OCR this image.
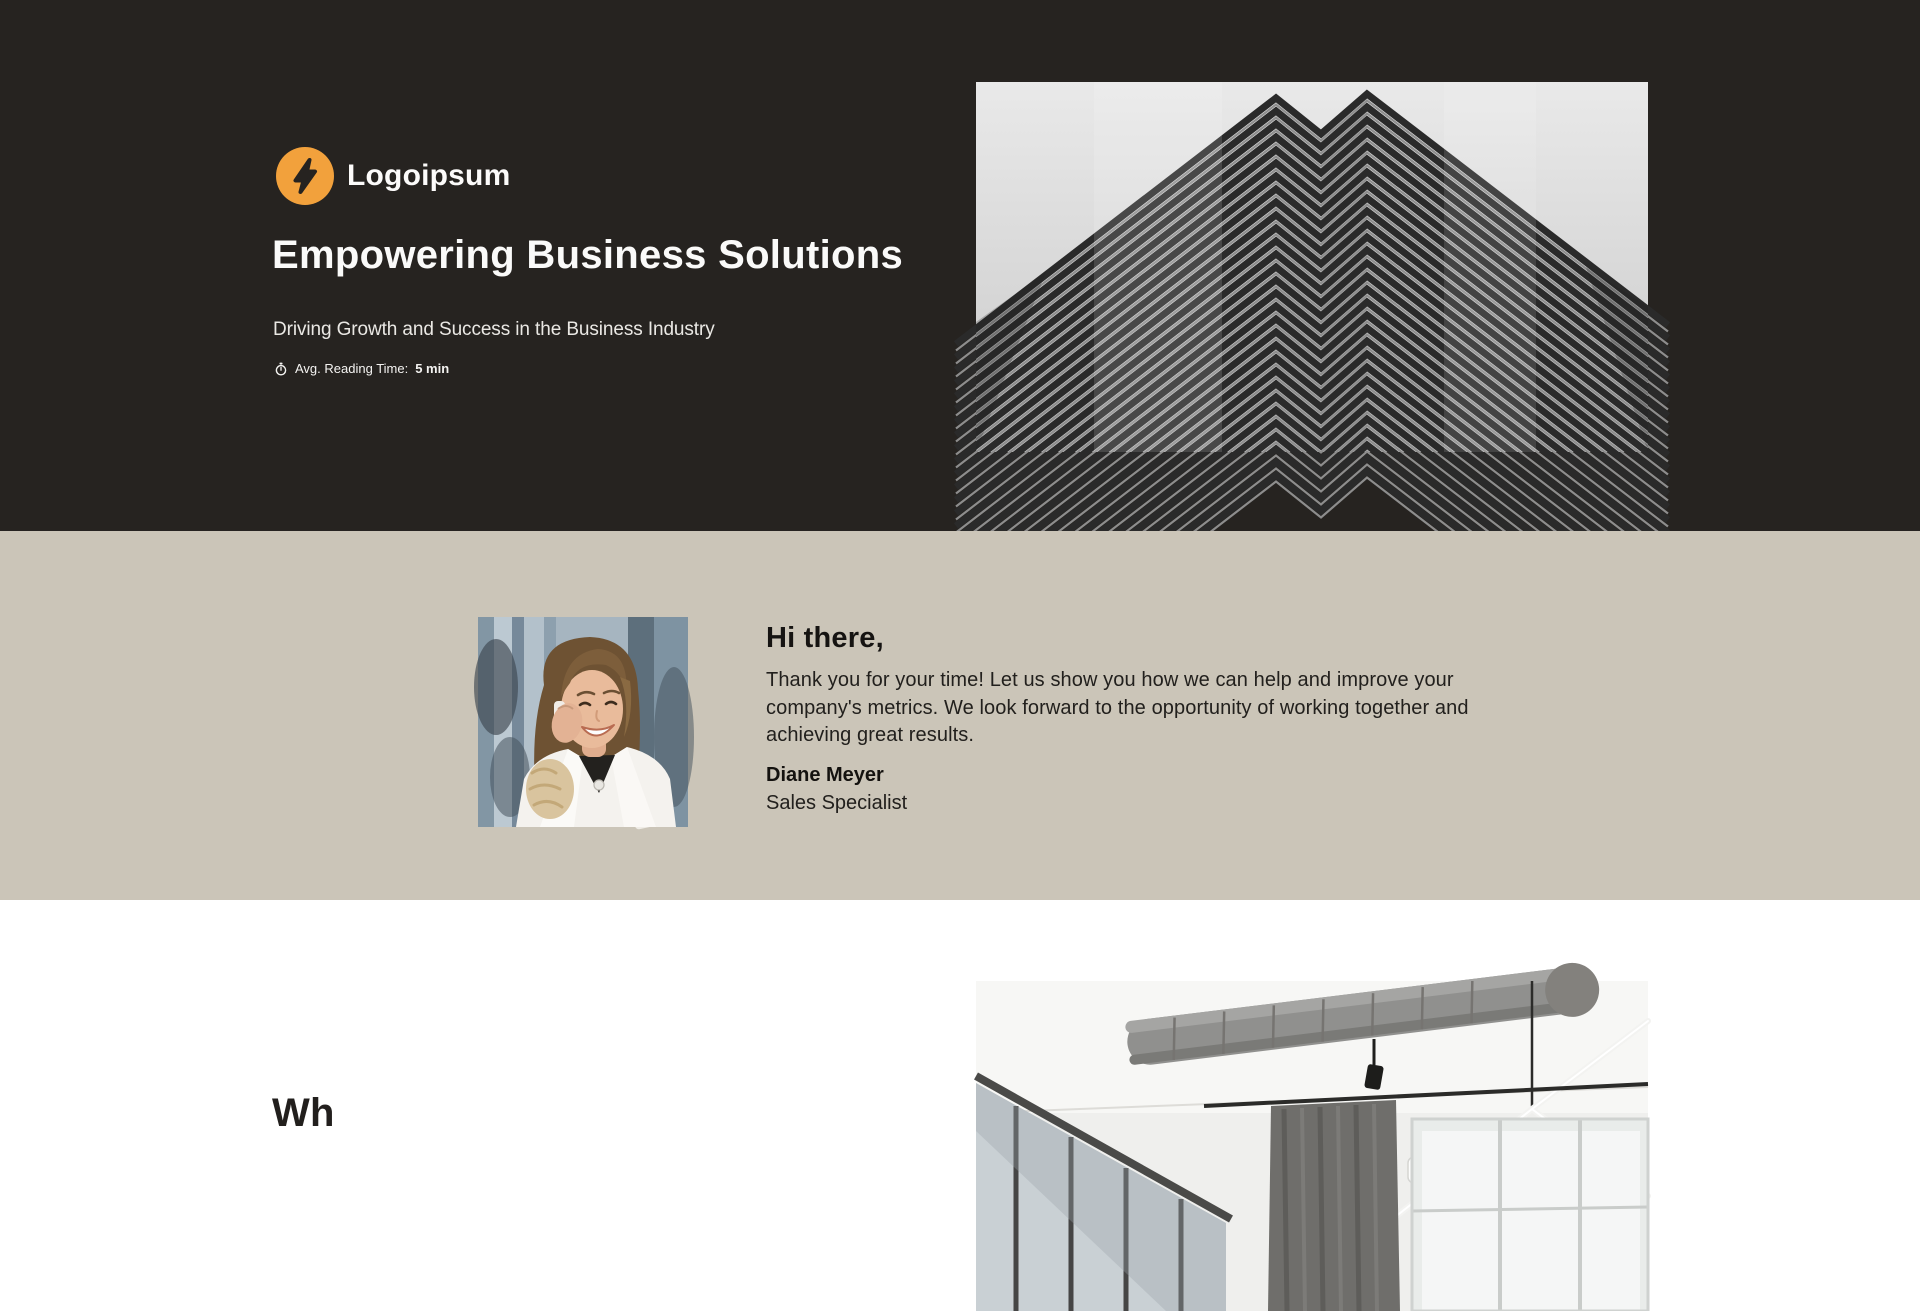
Logoipsum
Empowering Business Solutions
Driving Growth and Success in the Business Industry
Avg. Reading Time: 5 min
Hi there,

Thank you for your time! Let us show you how we can help and improve your company's metrics. We look forward to the opportunity of working together and achieving great results.

Diane Meyer
Sales Specialist
Wh
